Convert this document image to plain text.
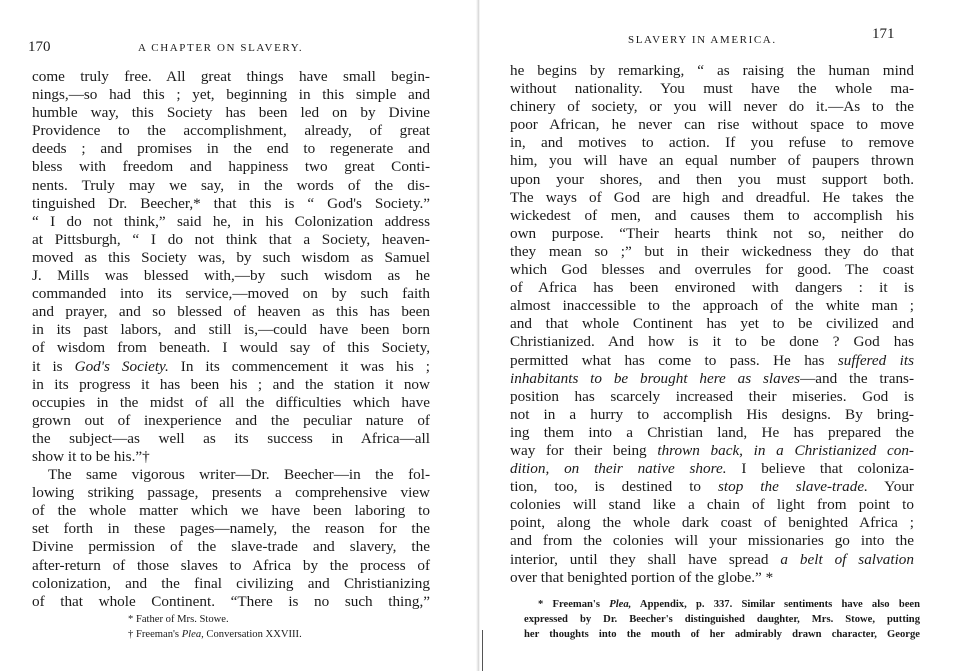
170	A CHAPTER ON SLAVERY.
come truly free. All great things have small begin-
nings,—so had this ; yet, beginning in this simple and
humble way, this Society has been led on by Divine
Providence to the accomplishment, already, of great
deeds ; and promises in the end to regenerate and
bless with freedom and happiness two great Conti-
nents. Truly may we say, in the words of the dis-
tinguished Dr. Beecher,* that this is “ God's Society.”
“ I do not think,” said he, in his Colonization address
at Pittsburgh, “ I do not think that a Society, heaven-
moved as this Society was, by such wisdom as Samuel
J. Mills was blessed with,—by such wisdom as he
commanded into its service,—moved on by such faith
and prayer, and so blessed of heaven as this has been
in its past labors, and still is,—could have been born
of wisdom from beneath. I would say of this Society,
it is God's Society. In its commencement it was his ;
in its progress it has been his ; and the station it now
occupies in the midst of all the difficulties which have
grown out of inexperience and the peculiar nature of
the subject—as well as its success in Africa—all
show it to be his.”†
The same vigorous writer—Dr. Beecher—in the fol-
lowing striking passage, presents a comprehensive view
of the whole matter which we have been laboring to
set forth in these pages—namely, the reason for the
Divine permission of the slave-trade and slavery, the
after-return of those slaves to Africa by the process of
colonization, and the final civilizing and Christianizing
of that whole Continent. “There is no such thing,”
* Father of Mrs. Stowe.
† Freeman's Plea, Conversation XXVIII.
SLAVERY IN AMERICA.	171
he begins by remarking, “ as raising the human mind
without nationality. You must have the whole ma-
chinery of society, or you will never do it.—As to the
poor African, he never can rise without space to move
in, and motives to action. If you refuse to remove
him, you will have an equal number of paupers thrown
upon your shores, and then you must support both.
The ways of God are high and dreadful. He takes the
wickedest of men, and causes them to accomplish his
own purpose. “Their hearts think not so, neither do
they mean so ;” but in their wickedness they do that
which God blesses and overrules for good. The coast
of Africa has been environed with dangers : it is
almost inaccessible to the approach of the white man ;
and that whole Continent has yet to be civilized and
Christianized. And how is it to be done ? God has
permitted what has come to pass. He has suffered its
inhabitants to be brought here as slaves—and the trans-
position has scarcely increased their miseries. God is
not in a hurry to accomplish His designs. By bring-
ing them into a Christian land, He has prepared the
way for their being thrown back, in a Christianized con-
dition, on their native shore. I believe that coloniza-
tion, too, is destined to stop the slave-trade. Your
colonies will stand like a chain of light from point to
point, along the whole dark coast of benighted Africa ;
and from the colonies will your missionaries go into the
interior, until they shall have spread a belt of salvation
over that benighted portion of the globe.” *
* Freeman's Plea, Appendix, p. 337. Similar sentiments have also been
expressed by Dr. Beecher's distinguished daughter, Mrs. Stowe, putting
her thoughts into the mouth of her admirably drawn character, George
